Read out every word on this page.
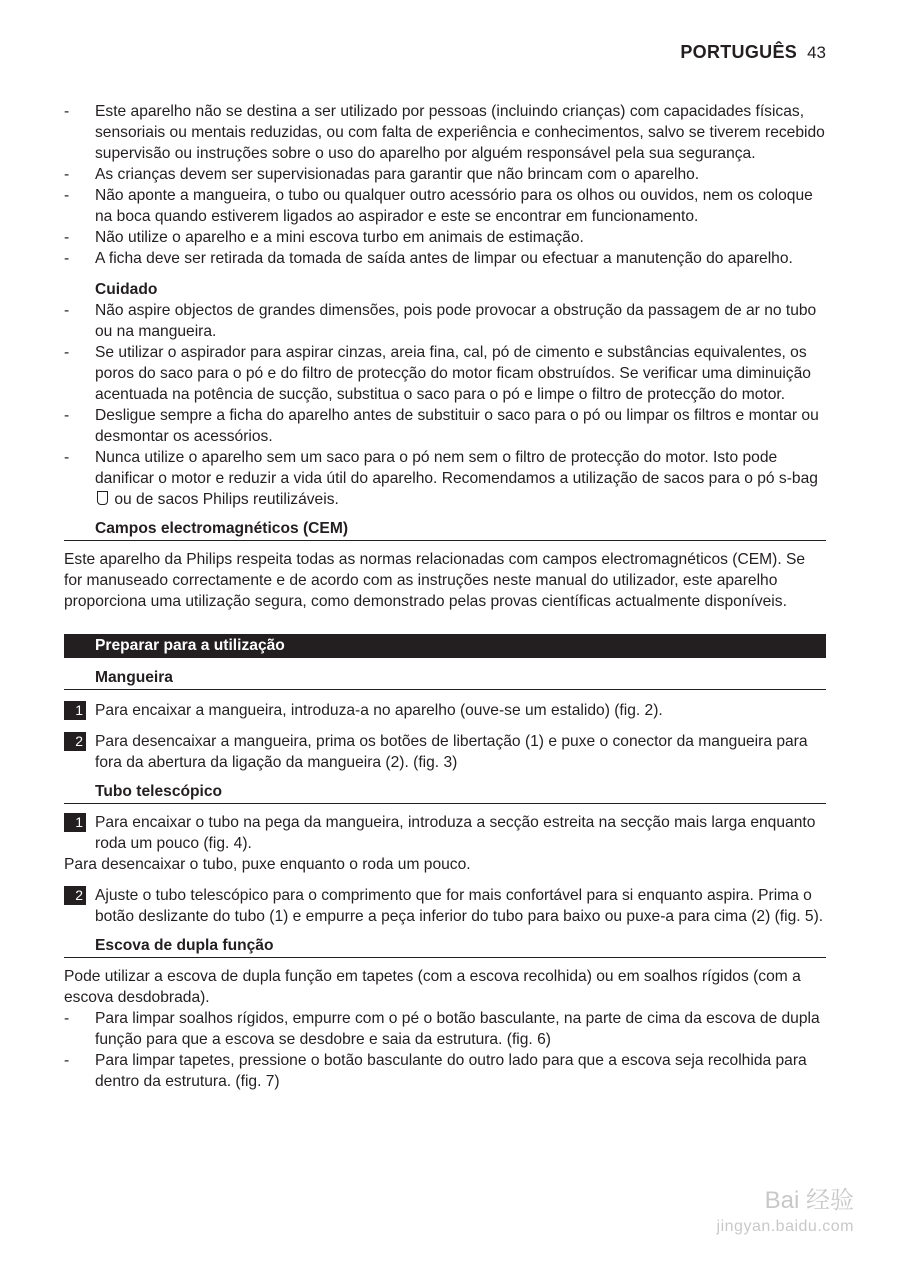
PORTUGUÊS 43
- Este aparelho não se destina a ser utilizado por pessoas (incluindo crianças) com capacidades físicas, sensoriais ou mentais reduzidas, ou com falta de experiência e conhecimentos, salvo se tiverem recebido supervisão ou instruções sobre o uso do aparelho por alguém responsável pela sua segurança.
- As crianças devem ser supervisionadas para garantir que não brincam com o aparelho.
- Não aponte a mangueira, o tubo ou qualquer outro acessório para os olhos ou ouvidos, nem os coloque na boca quando estiverem ligados ao aspirador e este se encontrar em funcionamento.
- Não utilize o aparelho e a mini escova turbo em animais de estimação.
- A ficha deve ser retirada da tomada de saída antes de limpar ou efectuar a manutenção do aparelho.
Cuidado
- Não aspire objectos de grandes dimensões, pois pode provocar a obstrução da passagem de ar no tubo ou na mangueira.
- Se utilizar o aspirador para aspirar cinzas, areia fina, cal, pó de cimento e substâncias equivalentes, os poros do saco para o pó e do filtro de protecção do motor ficam obstruídos. Se verificar uma diminuição acentuada na potência de sucção, substitua o saco para o pó e limpe o filtro de protecção do motor.
- Desligue sempre a ficha do aparelho antes de substituir o saco para o pó ou limpar os filtros e montar ou desmontar os acessórios.
- Nunca utilize o aparelho sem um saco para o pó nem sem o filtro de protecção do motor. Isto pode danificar o motor e reduzir a vida útil do aparelho. Recomendamos a utilização de sacos para o pó s-bag ou de sacos Philips reutilizáveis.
Campos electromagnéticos (CEM)

Este aparelho da Philips respeita todas as normas relacionadas com campos electromagnéticos (CEM). Se for manuseado correctamente e de acordo com as instruções neste manual do utilizador, este aparelho proporciona uma utilização segura, como demonstrado pelas provas científicas actualmente disponíveis.

Preparar para a utilização
Mangueira
1 Para encaixar a mangueira, introduza-a no aparelho (ouve-se um estalido) (fig. 2).
2 Para desencaixar a mangueira, prima os botões de libertação (1) e puxe o conector da mangueira para fora da abertura da ligação da mangueira (2). (fig. 3)
Tubo telescópico
1 Para encaixar o tubo na pega da mangueira, introduza a secção estreita na secção mais larga enquanto roda um pouco (fig. 4).

Para desencaixar o tubo, puxe enquanto o roda um pouco.

2 Ajuste o tubo telescópico para o comprimento que for mais confortável para si enquanto aspira. Prima o botão deslizante do tubo (1) e empurre a peça inferior do tubo para baixo ou puxe-a para cima (2) (fig. 5).
Escova de dupla função

Pode utilizar a escova de dupla função em tapetes (com a escova recolhida) ou em soalhos rígidos (com a escova desdobrada).

- Para limpar soalhos rígidos, empurre com o pé o botão basculante, na parte de cima da escova de dupla função para que a escova se desdobre e saia da estrutura. (fig. 6)
- Para limpar tapetes, pressione o botão basculante do outro lado para que a escova seja recolhida para dentro da estrutura. (fig. 7)
Bai 经验
jingyan.baidu.com
